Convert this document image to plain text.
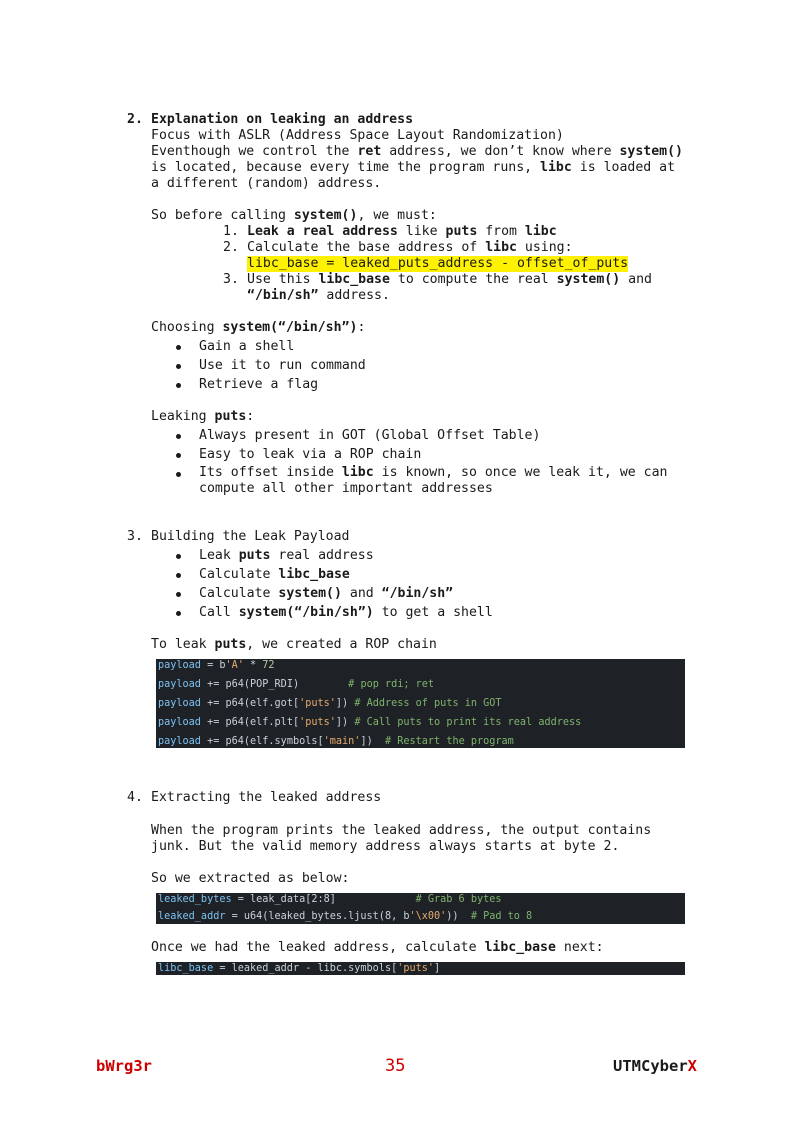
2. Explanation on leaking an address
Focus with ASLR (Address Space Layout Randomization)
Eventhough we control the ret address, we don’t know where system()
is located, because every time the program runs, libc is loaded at
a different (random) address.
So before calling system(), we must:
1. Leak a real address like puts from libc
2. Calculate the base address of libc using:
libc_base = leaked_puts_address - offset_of_puts
3. Use this libc_base to compute the real system() and
“/bin/sh” address.
Choosing system(“/bin/sh”):
Gain a shell
Use it to run command
Retrieve a flag
Leaking puts:
Always present in GOT (Global Offset Table)
Easy to leak via a ROP chain
Its offset inside libc is known, so once we leak it, we can
compute all other important addresses
3. Building the Leak Payload
Leak puts real address
Calculate libc_base
Calculate system() and “/bin/sh”
Call system(“/bin/sh”) to get a shell
To leak puts, we created a ROP chain
payload = b'A' * 72
payload += p64(POP_RDI)	# pop rdi; ret
payload += p64(elf.got['puts']) # Address of puts in GOT
payload += p64(elf.plt['puts']) # Call puts to print its real address
payload += p64(elf.symbols['main'])  # Restart the program
4. Extracting the leaked address
When the program prints the leaked address, the output contains
junk. But the valid memory address always starts at byte 2.
So we extracted as below:
leaked_bytes = leak_data[2:8]	# Grab 6 bytes
leaked_addr = u64(leaked_bytes.ljust(8, b'\x00'))  # Pad to 8
Once we had the leaked address, calculate libc_base next:
libc_base = leaked_addr - libc.symbols['puts']
bWrg3r	35	UTMCyberX
